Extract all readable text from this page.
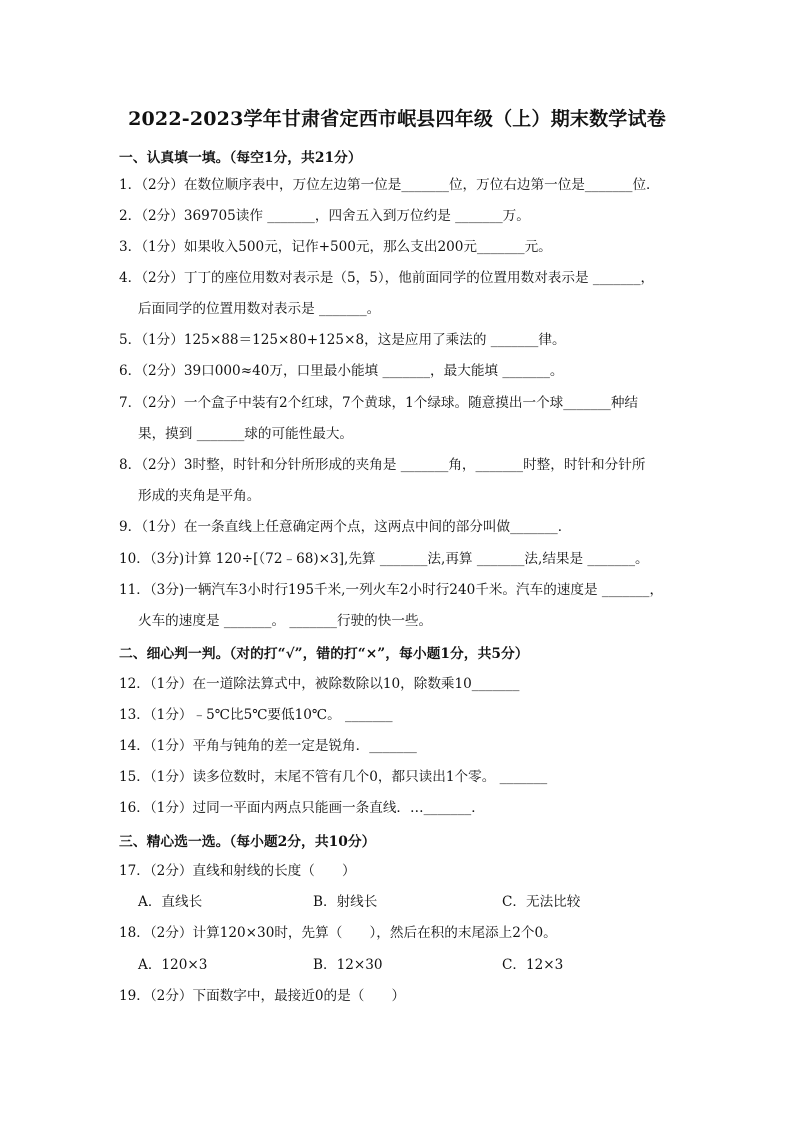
2022-2023学年甘肃省定西市岷县四年级（上）期末数学试卷
一、认真填一填。（每空1分，共21分）
1．（2分）在数位顺序表中，万位左边第一位是_______位，万位右边第一位是_______位．
2．（2分）369705读作 _______，四舍五入到万位约是 _______万。
3．（1分）如果收入500元，记作+500元，那么支出200元_______元。
4．（2分）丁丁的座位用数对表示是（5，5），他前面同学的位置用数对表示是 _______，
后面同学的位置用数对表示是 _______。
5．（1分）125×88＝125×80+125×8，这是应用了乘法的 _______律。
6．（2分）39口000≈40万，口里最小能填 _______，最大能填 _______。
7．（2分）一个盒子中装有2个红球，7个黄球，1个绿球。随意摸出一个球_______种结
果，摸到 _______球的可能性最大。
8．（2分）3时整，时针和分针所形成的夹角是 _______角，_______时整，时针和分针所
形成的夹角是平角。
9．（1分）在一条直线上任意确定两个点，这两点中间的部分叫做_______．
10．（3分)计算 120÷[（72﹣68)×3],先算 _______法,再算 _______法,结果是 _______。
11．（3分)一辆汽车3小时行195千米,一列火车2小时行240千米。汽车的速度是 _______，
火车的速度是 _______。 _______行驶的快一些。
二、细心判一判。（对的打“√”，错的打“×”，每小题1分，共5分）
12．（1分）在一道除法算式中，被除数除以10，除数乘10_______
13．（1分）﹣5℃比5℃要低10℃。 _______
14．（1分）平角与钝角的差一定是锐角．_______
15．（1分）读多位数时，末尾不管有几个0，都只读出1个零。 _______
16．（1分）过同一平面内两点只能画一条直线．…_______．
三、精心选一选。（每小题2分，共10分）
17．（2分）直线和射线的长度（　　）
A．直线长	B．射线长	C．无法比较
18．（2分）计算120×30时，先算（　　），然后在积的末尾添上2个0。
A．120×3	B．12×30	C．12×3
19．（2分）下面数字中，最接近0的是（　　）
